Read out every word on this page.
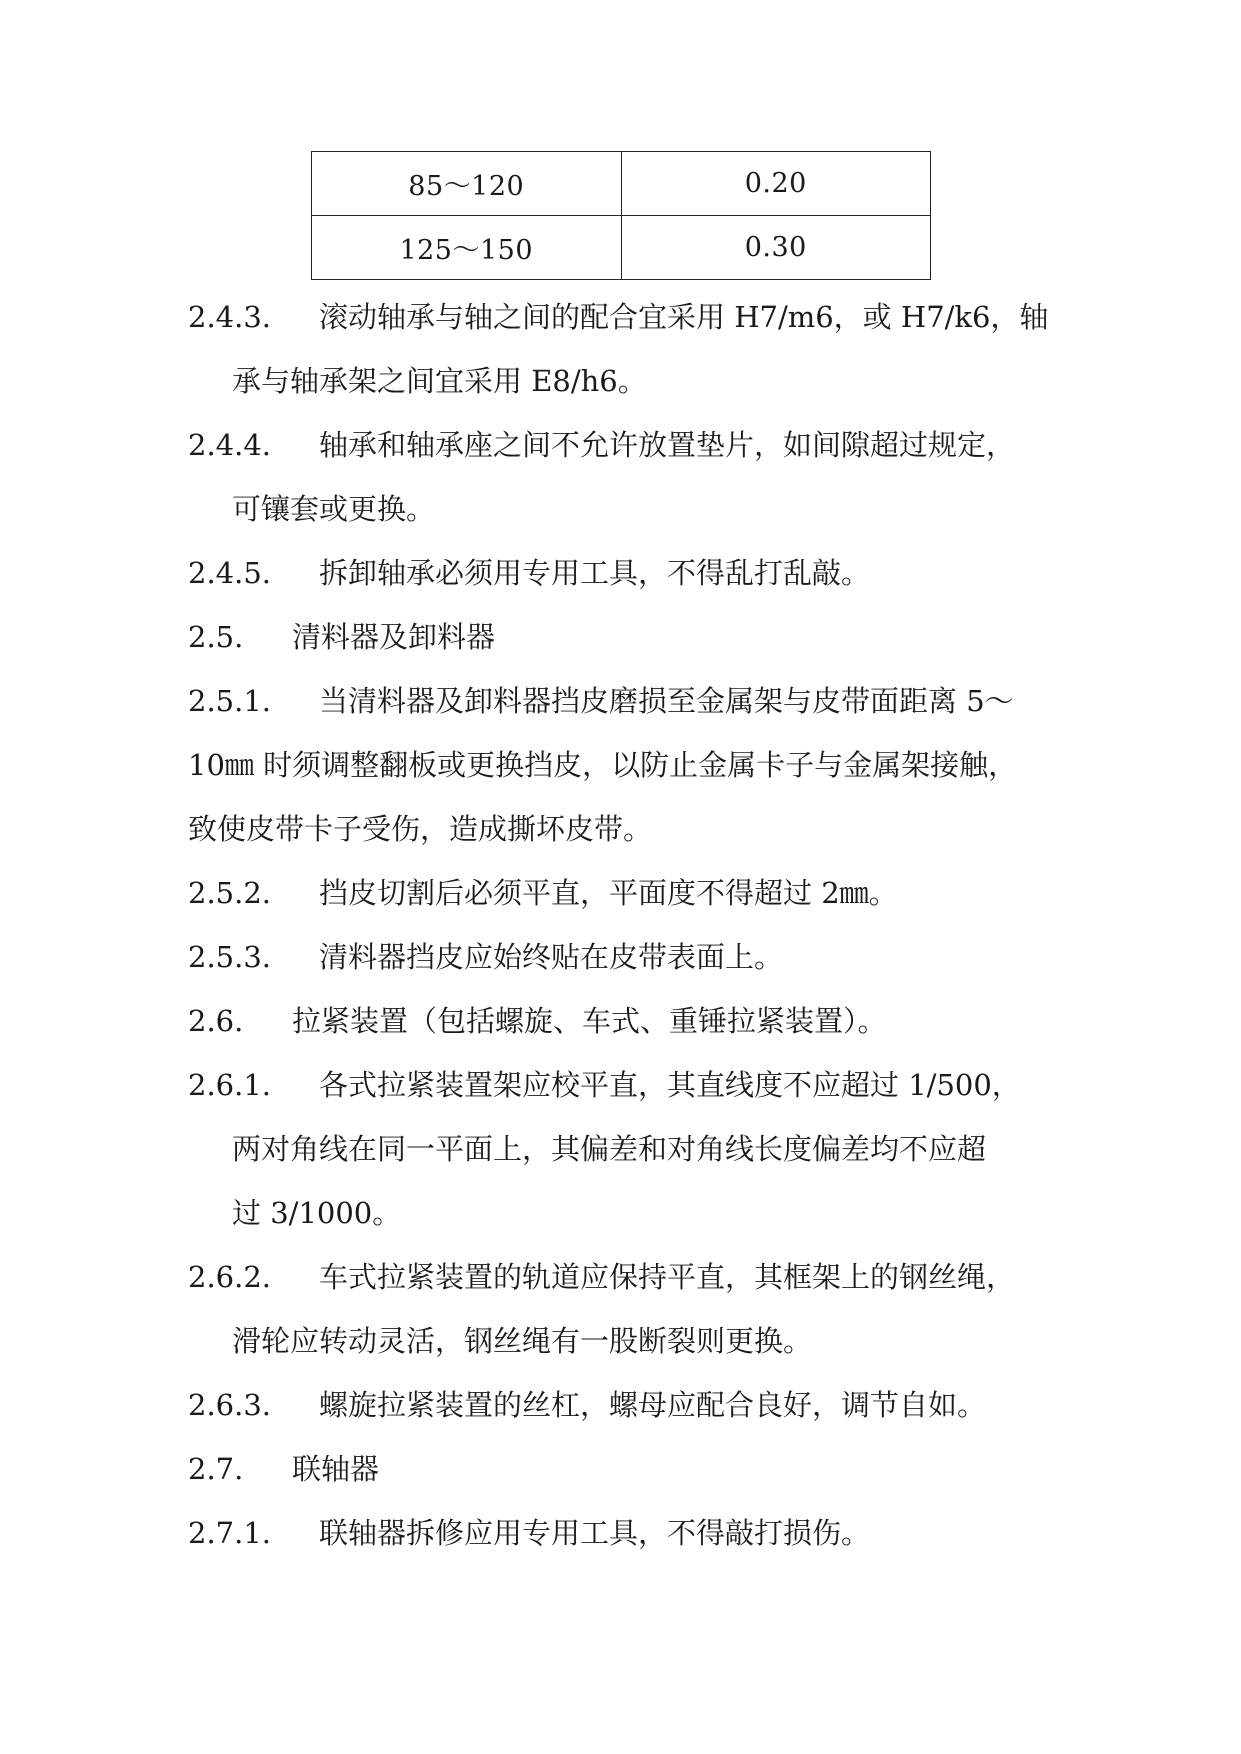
85～120	0.20
125～150	0.30
2.4.3. 滚动轴承与轴之间的配合宜采用 H7/m6，或 H7/k6，轴
承与轴承架之间宜采用 E8/h6。
2.4.4. 轴承和轴承座之间不允许放置垫片，如间隙超过规定，
可镶套或更换。
2.4.5. 拆卸轴承必须用专用工具，不得乱打乱敲。
2.5. 清料器及卸料器
2.5.1. 当清料器及卸料器挡皮磨损至金属架与皮带面距离 5～
10㎜ 时须调整翻板或更换挡皮，以防止金属卡子与金属架接触，
致使皮带卡子受伤，造成撕坏皮带。
2.5.2. 挡皮切割后必须平直，平面度不得超过 2㎜。
2.5.3. 清料器挡皮应始终贴在皮带表面上。
2.6. 拉紧装置（包括螺旋、车式、重锤拉紧装置）。
2.6.1. 各式拉紧装置架应校平直，其直线度不应超过 1/500，
两对角线在同一平面上，其偏差和对角线长度偏差均不应超
过 3/1000。
2.6.2. 车式拉紧装置的轨道应保持平直，其框架上的钢丝绳，
滑轮应转动灵活，钢丝绳有一股断裂则更换。
2.6.3. 螺旋拉紧装置的丝杠，螺母应配合良好，调节自如。
2.7. 联轴器
2.7.1. 联轴器拆修应用专用工具，不得敲打损伤。
